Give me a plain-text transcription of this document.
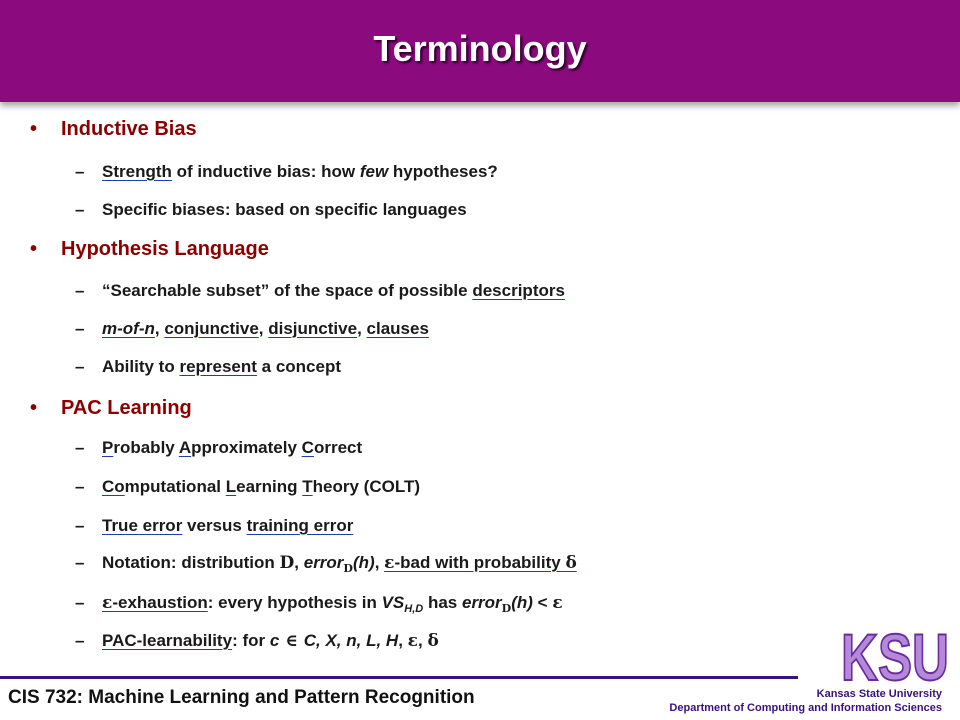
Terminology
• Inductive Bias
– Strength of inductive bias: how few hypotheses?
– Specific biases: based on specific languages
• Hypothesis Language
– “Searchable subset” of the space of possible descriptors
– m-of-n, conjunctive, disjunctive, clauses
– Ability to represent a concept
• PAC Learning
– Probably Approximately Correct
– Computational Learning Theory (COLT)
– True error versus training error
– Notation: distribution D, error$_D$(h), ε-bad with probability δ
– ε-exhaustion: every hypothesis in $VS_{H,D}$ has error$_D$(h) < ε
– PAC-learnability: for c ∈ C, X, n, L, H, ε, δ	KSU
CIS 732: Machine Learning and Pattern Recognition	Kansas State University
Department of Computing and Information Sciences
